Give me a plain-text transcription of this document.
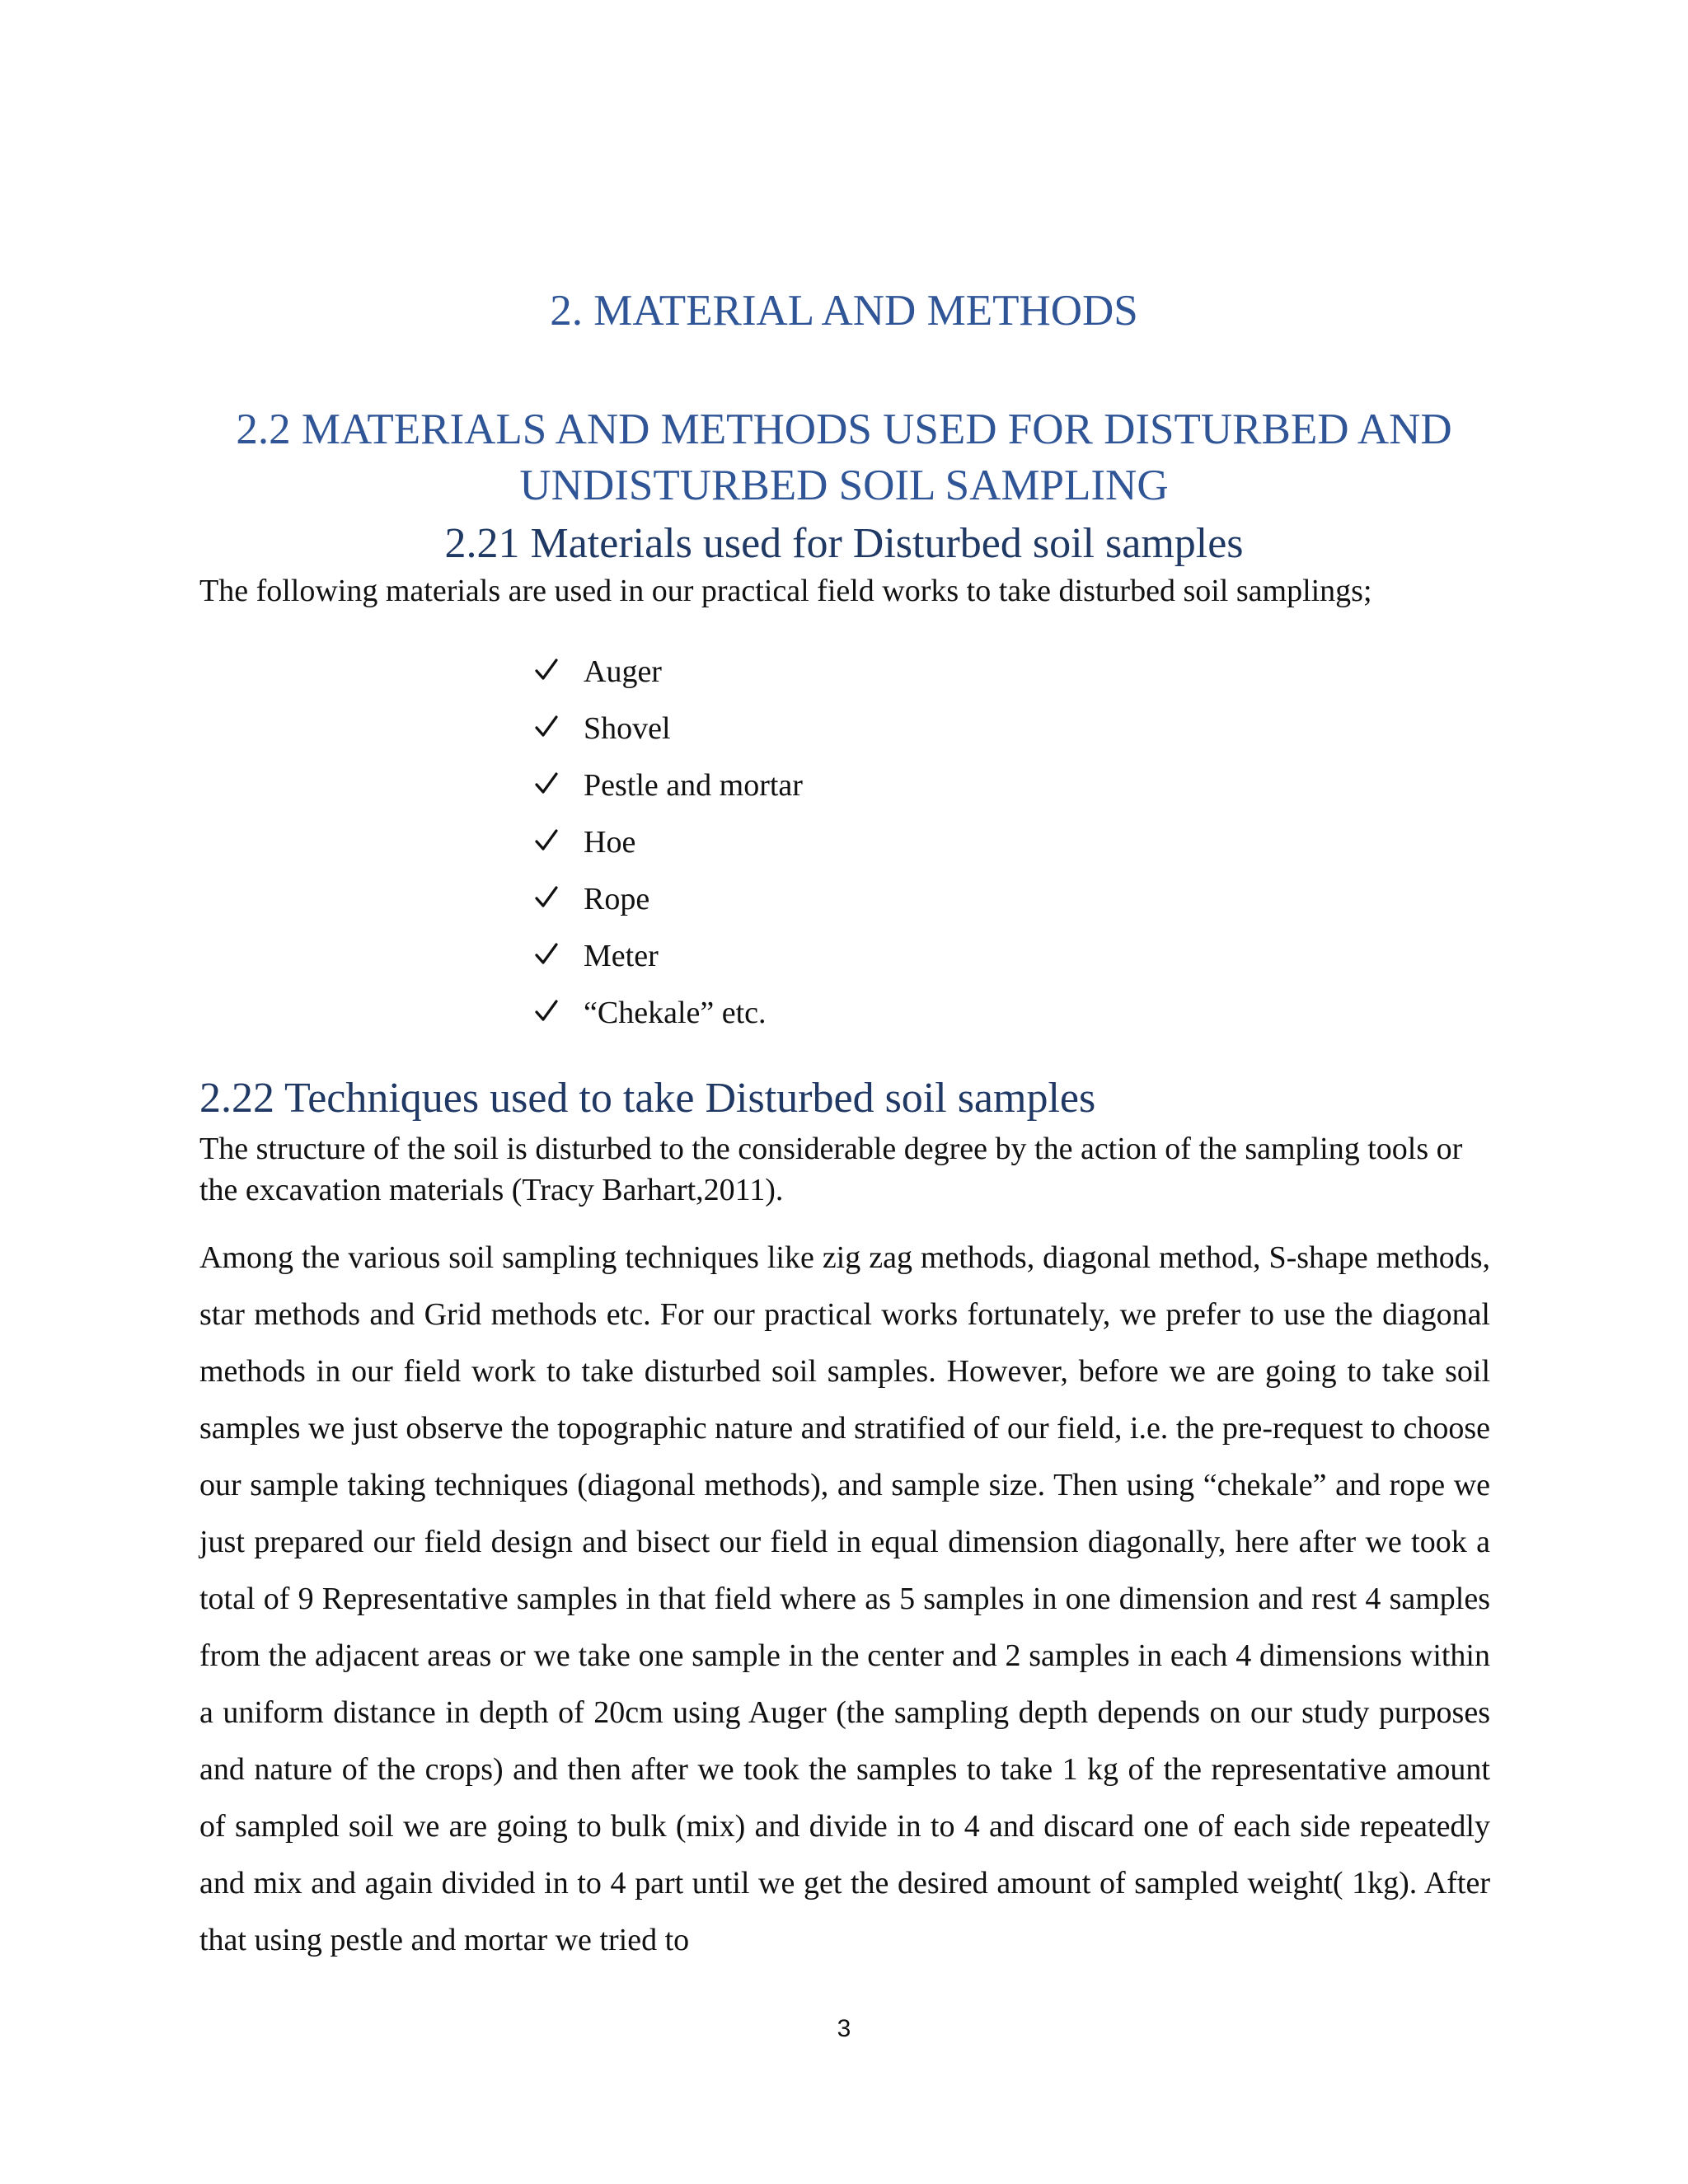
2. MATERIAL AND METHODS
2.2 MATERIALS AND METHODS USED FOR DISTURBED AND
UNDISTURBED SOIL SAMPLING
2.21 Materials used for Disturbed soil samples

The following materials are used in our practical field works to take disturbed soil samplings;

Auger
Shovel
Pestle and mortar
Hoe
Rope
Meter
“Chekale” etc.
2.22 Techniques used to take Disturbed soil samples

The structure of the soil is disturbed to the considerable degree by the action of the sampling tools or the excavation materials (Tracy Barhart,2011).

Among the various soil sampling techniques like zig zag methods, diagonal method, S-shape methods, star methods and Grid methods etc. For our practical works fortunately, we prefer to use the diagonal methods in our field work to take disturbed soil samples. However, before we are going to take soil samples we just observe the topographic nature and stratified of our field, i.e. the pre-request to choose our sample taking techniques (diagonal methods), and sample size. Then using “chekale” and rope we just prepared our field design and bisect our field in equal dimension diagonally, here after we took a total of 9 Representative samples in that field where as 5 samples in one dimension and rest 4 samples from the adjacent areas or we take one sample in the center and 2 samples in each 4 dimensions within a uniform distance in depth of 20cm using Auger (the sampling depth depends on our study purposes and nature of the crops) and then after we took the samples to take 1 kg of the representative amount of sampled soil we are going to bulk (mix) and divide in to 4 and discard one of each side repeatedly and mix and again divided in to 4 part until we get the desired amount of sampled weight( 1kg). After that using pestle and mortar we tried to

3
